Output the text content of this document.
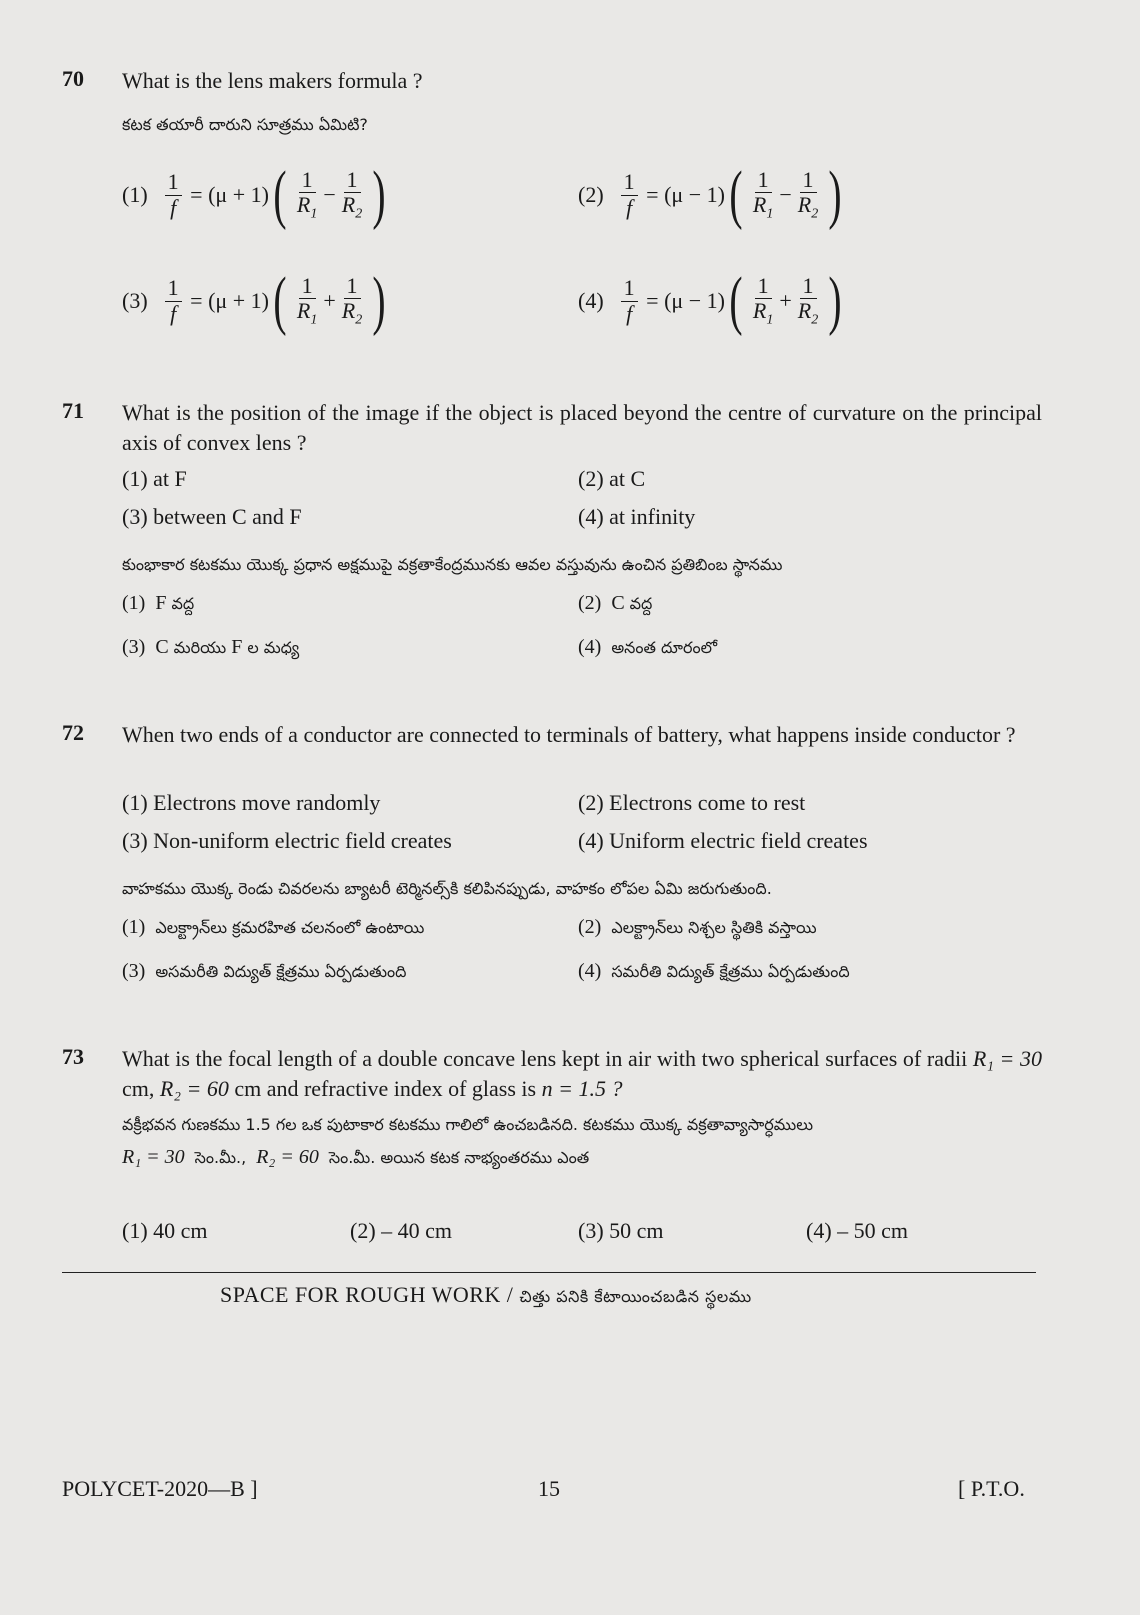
70 What is the lens makers formula ?
కటక తయారీ దారుని సూత్రము ఏమిటి?
$(1) \frac{1}{f} = (\mu + 1)$ ( $\frac{1}{R_1} - \frac{1}{R_2}$ )	$(2) \frac{1}{f} = (\mu - 1)$ ( $\frac{1}{R_1} - \frac{1}{R_2}$ )
$(3) \frac{1}{f} = (\mu + 1)$ ( $\frac{1}{R_1} + \frac{1}{R_2}$ )	$(4) \frac{1}{f} = (\mu - 1)$ ( $\frac{1}{R_1} + \frac{1}{R_2}$ )
71 What is the position of the image if the object is placed beyond the centre of curvature on the principal axis of convex lens ?
(1) at F	(2) at C
(3) between C and F	(4) at infinity
కుంభాకార కటకము యొక్క ప్రధాన అక్షముపై వక్రతాకేంద్రమునకు ఆవల వస్తువును ఉంచిన ప్రతిబింబ స్థానము
(1) F వద్ద	(2) C వద్ద
(3) C మరియు F ల మధ్య	(4) అనంత దూరంలో
72 When two ends of a conductor are connected to terminals of battery, what happens inside conductor ?
(1) Electrons move randomly	(2) Electrons come to rest
(3) Non-uniform electric field creates	(4) Uniform electric field creates
వాహకము యొక్క రెండు చివరలను బ్యాటరీ టెర్మినల్స్‌కి కలిపినప్పుడు, వాహకం లోపల ఏమి జరుగుతుంది.
(1) ఎలక్ట్రాన్‌లు క్రమరహిత చలనంలో ఉంటాయి	(2) ఎలక్ట్రాన్‌లు నిశ్చల స్థితికి వస్తాయి
(3) అసమరీతి విద్యుత్ క్షేత్రము ఏర్పడుతుంది	(4) సమరీతి విద్యుత్ క్షేత్రము ఏర్పడుతుంది
73 What is the focal length of a double concave lens kept in air with two spherical surfaces of radii R₁ = 30 cm, R₂ = 60 cm and refractive index of glass is n = 1.5 ?
వక్రీభవన గుణకము 1.5 గల ఒక పుటాకార కటకము గాలిలో ఉంచబడినది. కటకము యొక్క వక్రతావ్యాసార్ధములు
R₁ = 30 సెం.మీ., R₂ = 60 సెం.మీ. అయిన కటక నాభ్యంతరము ఎంత
(1) 40 cm	(2) – 40 cm	(3) 50 cm	(4) – 50 cm
SPACE FOR ROUGH WORK / చిత్తు పనికి కేటాయించబడిన స్థలము
POLYCET-2020—B ]	15	[ P.T.O.
